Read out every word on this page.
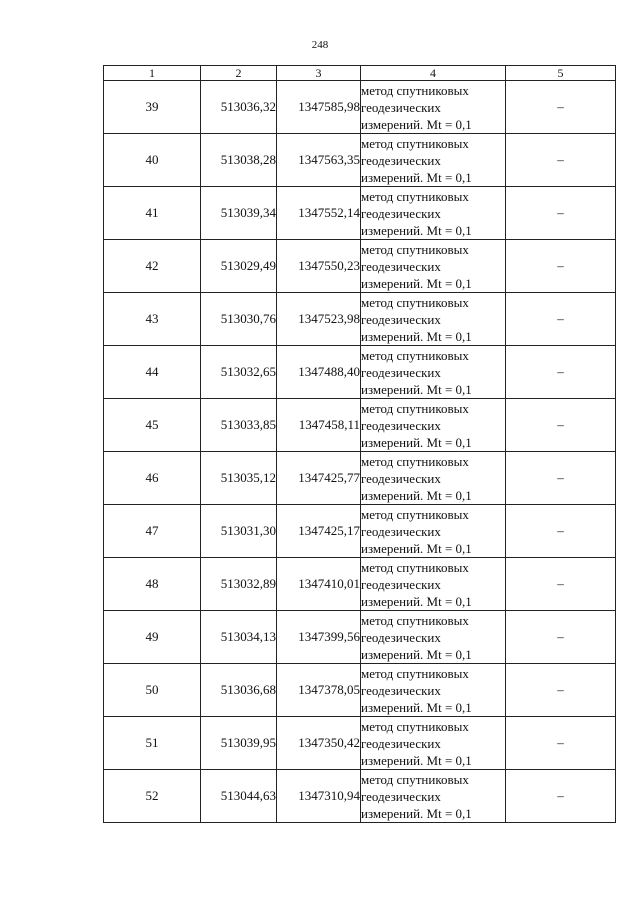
248
1	2	3	4	5
39	513036,32	1347585,98	метод спутниковых
геодезических
измерений. Mt = 0,1	–
40	513038,28	1347563,35	метод спутниковых
геодезических
измерений. Mt = 0,1	–
41	513039,34	1347552,14	метод спутниковых
геодезических
измерений. Mt = 0,1	–
42	513029,49	1347550,23	метод спутниковых
геодезических
измерений. Mt = 0,1	–
43	513030,76	1347523,98	метод спутниковых
геодезических
измерений. Mt = 0,1	–
44	513032,65	1347488,40	метод спутниковых
геодезических
измерений. Mt = 0,1	–
45	513033,85	1347458,11	метод спутниковых
геодезических
измерений. Mt = 0,1	–
46	513035,12	1347425,77	метод спутниковых
геодезических
измерений. Mt = 0,1	–
47	513031,30	1347425,17	метод спутниковых
геодезических
измерений. Mt = 0,1	–
48	513032,89	1347410,01	метод спутниковых
геодезических
измерений. Mt = 0,1	–
49	513034,13	1347399,56	метод спутниковых
геодезических
измерений. Mt = 0,1	–
50	513036,68	1347378,05	метод спутниковых
геодезических
измерений. Mt = 0,1	–
51	513039,95	1347350,42	метод спутниковых
геодезических
измерений. Mt = 0,1	–
52	513044,63	1347310,94	метод спутниковых
геодезических
измерений. Mt = 0,1	–
